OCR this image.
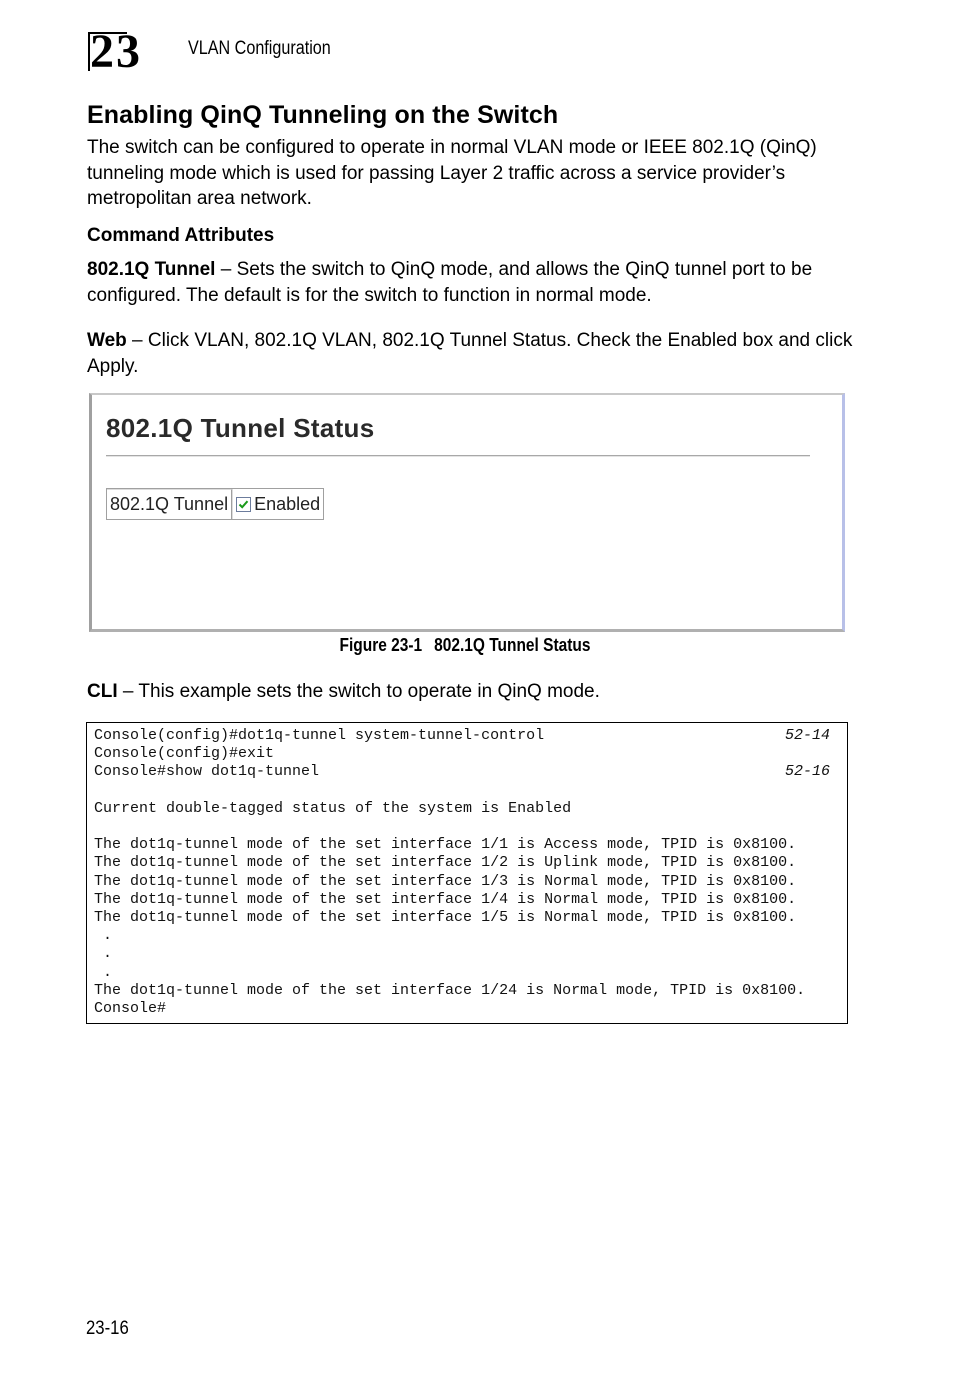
23 VLAN Configuration
Enabling QinQ Tunneling on the Switch

The switch can be configured to operate in normal VLAN mode or IEEE 802.1Q (QinQ) tunneling mode which is used for passing Layer 2 traffic across a service provider’s metropolitan area network.

Command Attributes

802.1Q Tunnel – Sets the switch to QinQ mode, and allows the QinQ tunnel port to be configured. The default is for the switch to function in normal mode.

Web – Click VLAN, 802.1Q VLAN, 802.1Q Tunnel Status. Check the Enabled box and click Apply.

802.1Q Tunnel Status
802.1Q Tunnel Enabled
Figure 23-1 802.1Q Tunnel Status

CLI – This example sets the switch to operate in QinQ mode.

Console(config)#dot1q-tunnel system-tunnel-control	52-14
Console(config)#exit
Console#show dot1q-tunnel	52-16
Current double-tagged status of the system is Enabled
The dot1q-tunnel mode of the set interface 1/1 is Access mode, TPID is 0x8100.
The dot1q-tunnel mode of the set interface 1/2 is Uplink mode, TPID is 0x8100.
The dot1q-tunnel mode of the set interface 1/3 is Normal mode, TPID is 0x8100.
The dot1q-tunnel mode of the set interface 1/4 is Normal mode, TPID is 0x8100.
The dot1q-tunnel mode of the set interface 1/5 is Normal mode, TPID is 0x8100.
.
.
.
The dot1q-tunnel mode of the set interface 1/24 is Normal mode, TPID is 0x8100.
Console#
23-16
